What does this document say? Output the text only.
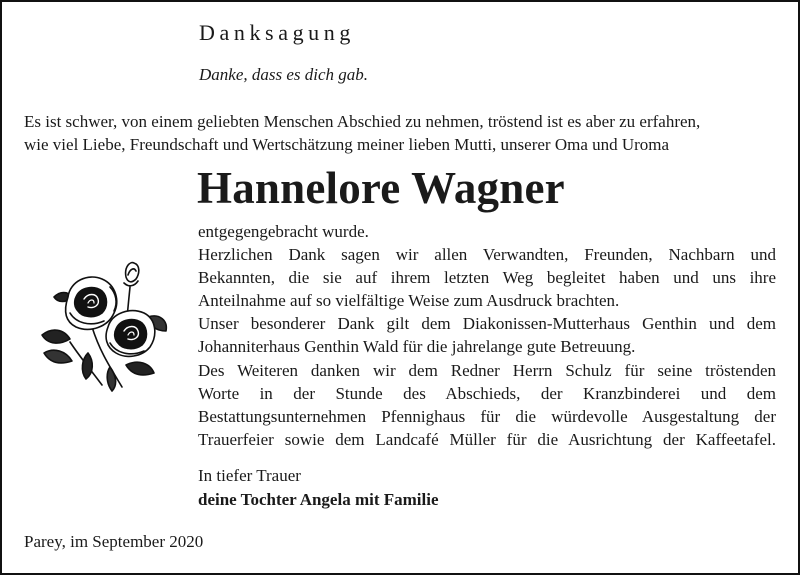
Danksagung
Danke, dass es dich gab.
Es ist schwer, von einem geliebten Menschen Abschied zu nehmen, tröstend ist es aber zu erfahren,
wie viel Liebe, Freundschaft und Wertschätzung meiner lieben Mutti, unserer Oma und Uroma
Hannelore Wagner
entgegengebracht wurde.
Herzlichen Dank sagen wir allen Verwandten, Freunden, Nachbarn und
Bekannten, die sie auf ihrem letzten Weg begleitet haben und uns ihre
Anteilnahme auf so vielfältige Weise zum Ausdruck brachten.
Unser besonderer Dank gilt dem Diakonissen-Mutterhaus Genthin und dem
Johanniterhaus Genthin Wald für die jahrelange gute Betreuung.
Des Weiteren danken wir dem Redner Herrn Schulz für seine tröstenden
Worte in der Stunde des Abschieds, der Kranzbinderei und dem
Bestattungsunternehmen Pfennighaus für die würdevolle Ausgestaltung der
Trauerfeier sowie dem Landcafé Müller für die Ausrichtung der Kaffeetafel.
In tiefer Trauer
deine Tochter Angela mit Familie
Parey, im September 2020
